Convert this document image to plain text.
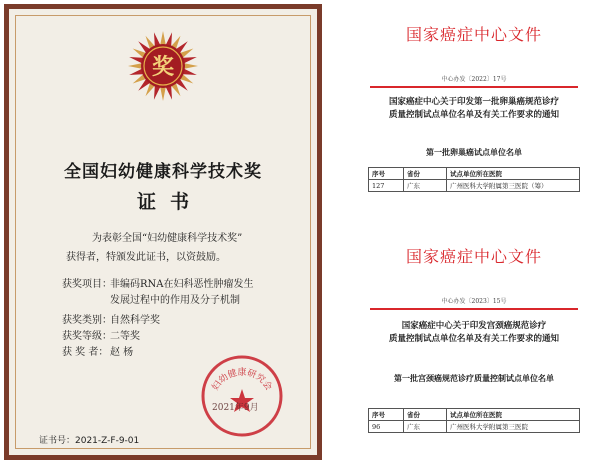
奖
全国妇幼健康科学技术奖
证书
为表彰全国“妇幼健康科学技术奖”
获得者，特颁发此证书，以资鼓励。
获奖项目：非编码RNA在妇科恶性肿瘤发生
发展过程中的作用及分子机制
获奖类别：自然科学奖
获奖等级：二等奖
获 奖 者： 赵 杨
妇幼健康研究会
2021年9月
证书号：2021-Z-F-9-01
国家癌症中心文件
中心办发〔2022〕17号
国家癌症中心关于印发第一批卵巢癌规范诊疗
质量控制试点单位名单及有关工作要求的通知
第一批卵巢癌试点单位名单
序号	省份	试点单位所在医院
127	广东	广州医科大学附属第三医院（筹）
国家癌症中心文件
中心办发〔2023〕15号
国家癌症中心关于印发宫颈癌规范诊疗
质量控制试点单位名单及有关工作要求的通知
第一批宫颈癌规范诊疗质量控制试点单位名单
序号	省份	试点单位所在医院
96	广东	广州医科大学附属第三医院
